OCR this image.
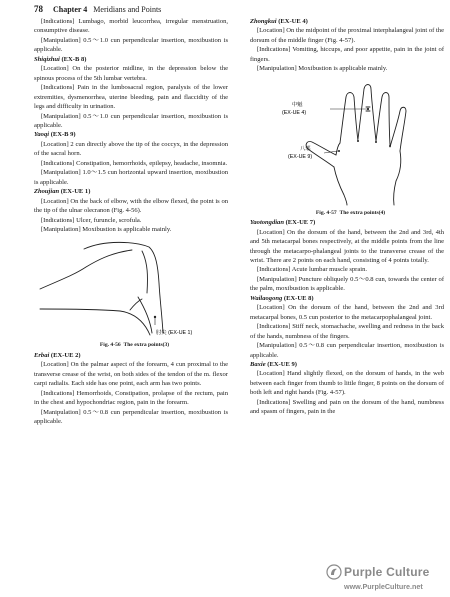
78 Chapter 4 Meridians and Points

[Indications] Lumbago, morbid leucorrhea, irregular menstruation, consumptive disease.

[Manipulation] 0.5～1.0 cun perpendicular insertion, moxibustion is applicable.

Shiqizhui (EX-B 8)

[Location] On the posterior midline, in the depression below the spinous process of the 5th lumbar vertebra.

[Indications] Pain in the lumbosacral region, paralysis of the lower extremities, dysmenorrhea, uterine bleeding, pain and flaccidity of the legs and difficulty in urination.

[Manipulation] 0.5～1.0 cun perpendicular insertion, moxibustion is applicable.

Yaoqi (EX-B 9)

[Location] 2 cun directly above the tip of the coccyx, in the depression of the sacral horn.

[Indications] Constipation, hemorrhoids, epilepsy, headache, insomnia.

[Manipulation] 1.0～1.5 cun horizontal upward insertion, moxibustion is applicable.

Zhoujian (EX-UE 1)

[Location] On the back of elbow, with the elbow flexed, the point is on the tip of the ulnar olecranon (Fig. 4-56).

[Indications] Ulcer, furuncle, scrofula.

[Manipulation] Moxibustion is applicable mainly.

肘尖 (EX-UE 1)

Fig. 4-56 The extra points(3)

Erbai (EX-UE 2)

[Location] On the palmar aspect of the forearm, 4 cun proximal to the transverse crease of the wrist, on both sides of the tendon of the m. flexor carpi radialis. Each side has one point, each arm has two points.

[Indications] Hemorrhoids, Constipation, prolapse of the rectum, pain in the chest and hypochondriac region, pain in the forearm.

[Manipulation] 0.5～0.8 cun perpendicular insertion, moxibustion is applicable.

Zhongkui (EX-UE 4)

[Location] On the midpoint of the proximal interphalangeal joint of the dorsum of the middle finger (Fig. 4-57).

[Indications] Vomiting, hiccups, and poor appetite, pain in the joint of fingers.

[Manipulation] Moxibustion is applicable mainly.

中魁
(EX-UE 4)
八邪
(EX-UE 9)

Fig. 4-57 The extra points(4)

Yaotongdian (EX-UE 7)

[Location] On the dorsum of the hand, between the 2nd and 3rd, 4th and 5th metacarpal bones respectively, at the middle points from the line through the metacarpo-phalangeal joints to the transverse crease of the wrist. There are 2 points on each hand, consisting of 4 points totally.

[Indications] Acute lumbar muscle sprain.

[Manipulation] Puncture obliquely 0.5～0.8 cun, towards the center of the palm, moxibustion is applicable.

Wailaogong (EX-UE 8)

[Location] On the dorsum of the hand, between the 2nd and 3rd metacarpal bones, 0.5 cun posterior to the metacarpophalangeal joint.

[Indications] Stiff neck, stomachache, swelling and redness in the back of the hands, numbness of the fingers.

[Manipulation] 0.5～0.8 cun perpendicular insertion, moxibustion is applicable.

Baxie (EX-UE 9)

[Location] Hand slightly flexed, on the dorsum of hands, in the web between each finger from thumb to little finger, 8 points on the dorsum of both left and right hands (Fig. 4-57).

[Indications] Swelling and pain on the dorsum of the hand, numbness and spasm of fingers, pain in the

Purple Culture
www.PurpleCulture.net
